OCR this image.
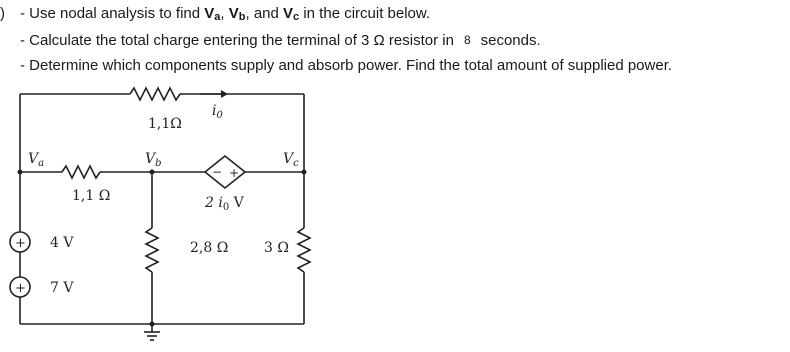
) - Use nodal analysis to find $V_a$, $V_b$, and $V_c$ in the circuit below.
- Calculate the total charge entering the terminal of 3 Ω resistor in 8 seconds.
- Determine which components supply and absorb power. Find the total amount of supplied power.
1,1Ω
$i_0$
$V_a$	$V_b$	$V_c$
1,1 Ω	2 $i_0$ V
4 V
7 V
2,8 Ω	3 Ω
+
−
+
+
